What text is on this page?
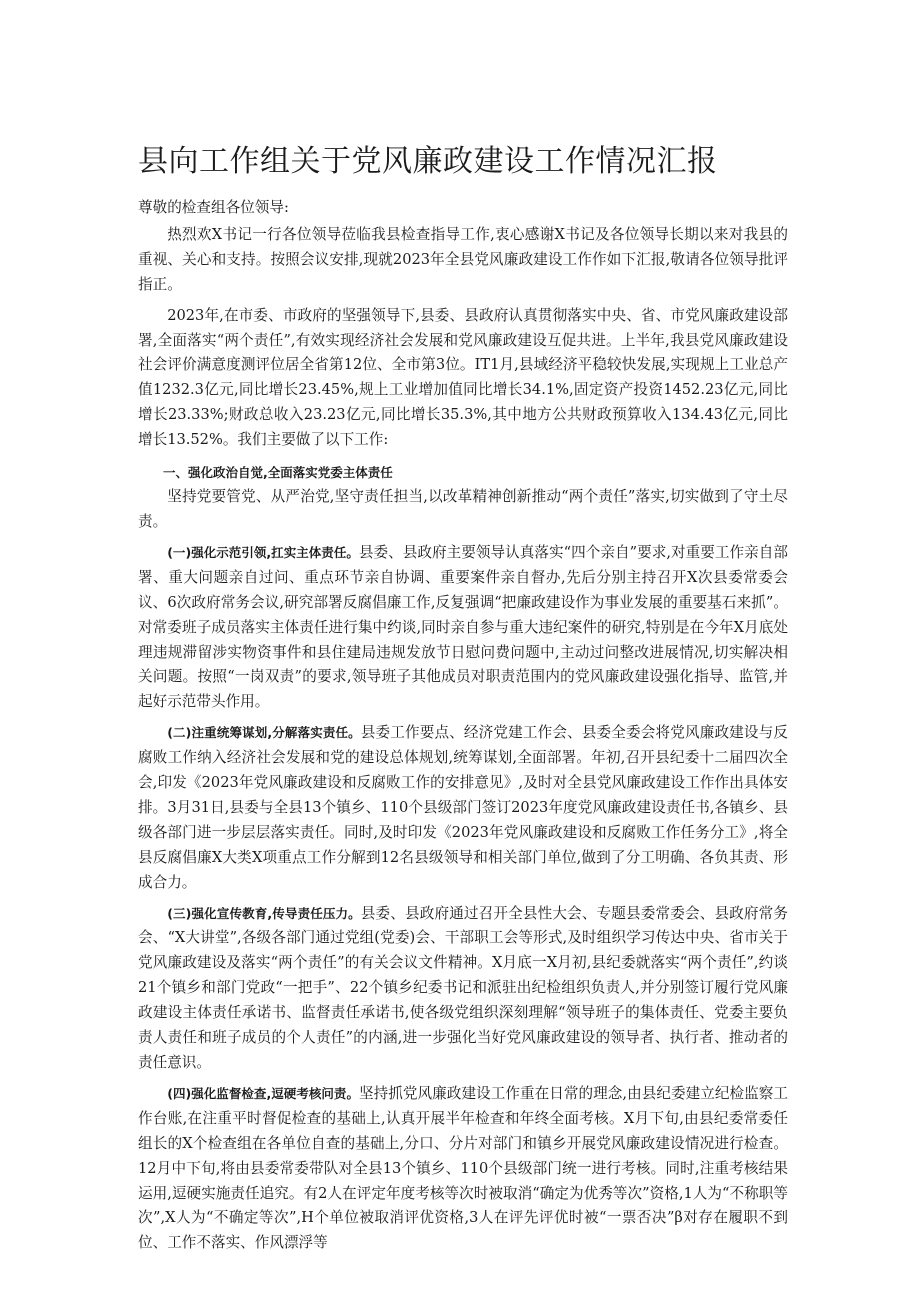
县向工作组关于党风廉政建设工作情况汇报

尊敬的检查组各位领导:

热烈欢X书记一行各位领导莅临我县检查指导工作,衷心感谢X书记及各位领导长期以来对我县的重视、关心和支持。按照会议安排,现就2023年全县党风廉政建设工作作如下汇报,敬请各位领导批评指正。

2023年,在市委、市政府的坚强领导下,县委、县政府认真贯彻落实中央、省、市党风廉政建设部署,全面落实“两个责任”,有效实现经济社会发展和党风廉政建设互促共进。上半年,我县党风廉政建设社会评价满意度测评位居全省第12位、全市第3位。IT1月,县域经济平稳较快发展,实现规上工业总产值1232.3亿元,同比增长23.45%,规上工业增加值同比增长34.1%,固定资产投资1452.23亿元,同比增长23.33%;财政总收入23.23亿元,同比增长35.3%,其中地方公共财政预算收入134.43亿元,同比增长13.52%。我们主要做了以下工作:

一、强化政治自觉,全面落实党委主体责任

坚持党要管党、从严治党,坚守责任担当,以改革精神创新推动“两个责任”落实,切实做到了守土尽责。

(一)强化示范引领,扛实主体责任。县委、县政府主要领导认真落实“四个亲自”要求,对重要工作亲自部署、重大问题亲自过问、重点环节亲自协调、重要案件亲自督办,先后分别主持召开X次县委常委会议、6次政府常务会议,研究部署反腐倡廉工作,反复强调“把廉政建设作为事业发展的重要基石来抓”。对常委班子成员落实主体责任进行集中约谈,同时亲自参与重大违纪案件的研究,特别是在今年X月底处理违规滞留涉实物资事件和县住建局违规发放节日慰问费问题中,主动过问整改进展情况,切实解决相关问题。按照“一岗双责”的要求,领导班子其他成员对职责范围内的党风廉政建设强化指导、监管,并起好示范带头作用。

(二)注重统筹谋划,分解落实责任。县委工作要点、经济党建工作会、县委全委会将党风廉政建设与反腐败工作纳入经济社会发展和党的建设总体规划,统筹谋划,全面部署。年初,召开县纪委十二届四次全会,印发《2023年党风廉政建设和反腐败工作的安排意见》,及时对全县党风廉政建设工作作出具体安排。3月31日,县委与全县13个镇乡、110个县级部门签订2023年度党风廉政建设责任书,各镇乡、县级各部门进一步层层落实责任。同时,及时印发《2023年党风廉政建设和反腐败工作任务分工》,将全县反腐倡廉X大类X项重点工作分解到12名县级领导和相关部门单位,做到了分工明确、各负其责、形成合力。

(三)强化宣传教育,传导责任压力。县委、县政府通过召开全县性大会、专题县委常委会、县政府常务会、“X大讲堂”,各级各部门通过党组(党委)会、干部职工会等形式,及时组织学习传达中央、省市关于党风廉政建设及落实“两个责任”的有关会议文件精神。X月底一X月初,县纪委就落实“两个责任”,约谈21个镇乡和部门党政“一把手”、22个镇乡纪委书记和派驻出纪检组织负责人,并分别签订履行党风廉政建设主体责任承诺书、监督责任承诺书,使各级党组织深刻理解“领导班子的集体责任、党委主要负责人责任和班子成员的个人责任”的内涵,进一步强化当好党风廉政建设的领导者、执行者、推动者的责任意识。

(四)强化监督检查,逗硬考核问责。坚持抓党风廉政建设工作重在日常的理念,由县纪委建立纪检监察工作台账,在注重平时督促检查的基础上,认真开展半年检查和年终全面考核。X月下旬,由县纪委常委任组长的X个检查组在各单位自查的基础上,分口、分片对部门和镇乡开展党风廉政建设情况进行检查。12月中下旬,将由县委常委带队对全县13个镇乡、110个县级部门统一进行考核。同时,注重考核结果运用,逗硬实施责任追究。有2人在评定年度考核等次时被取消“确定为优秀等次”资格,1人为“不称职等次”,X人为“不确定等次”,H个单位被取消评优资格,3人在评先评优时被“一票否决”β对存在履职不到位、工作不落实、作风漂浮等
